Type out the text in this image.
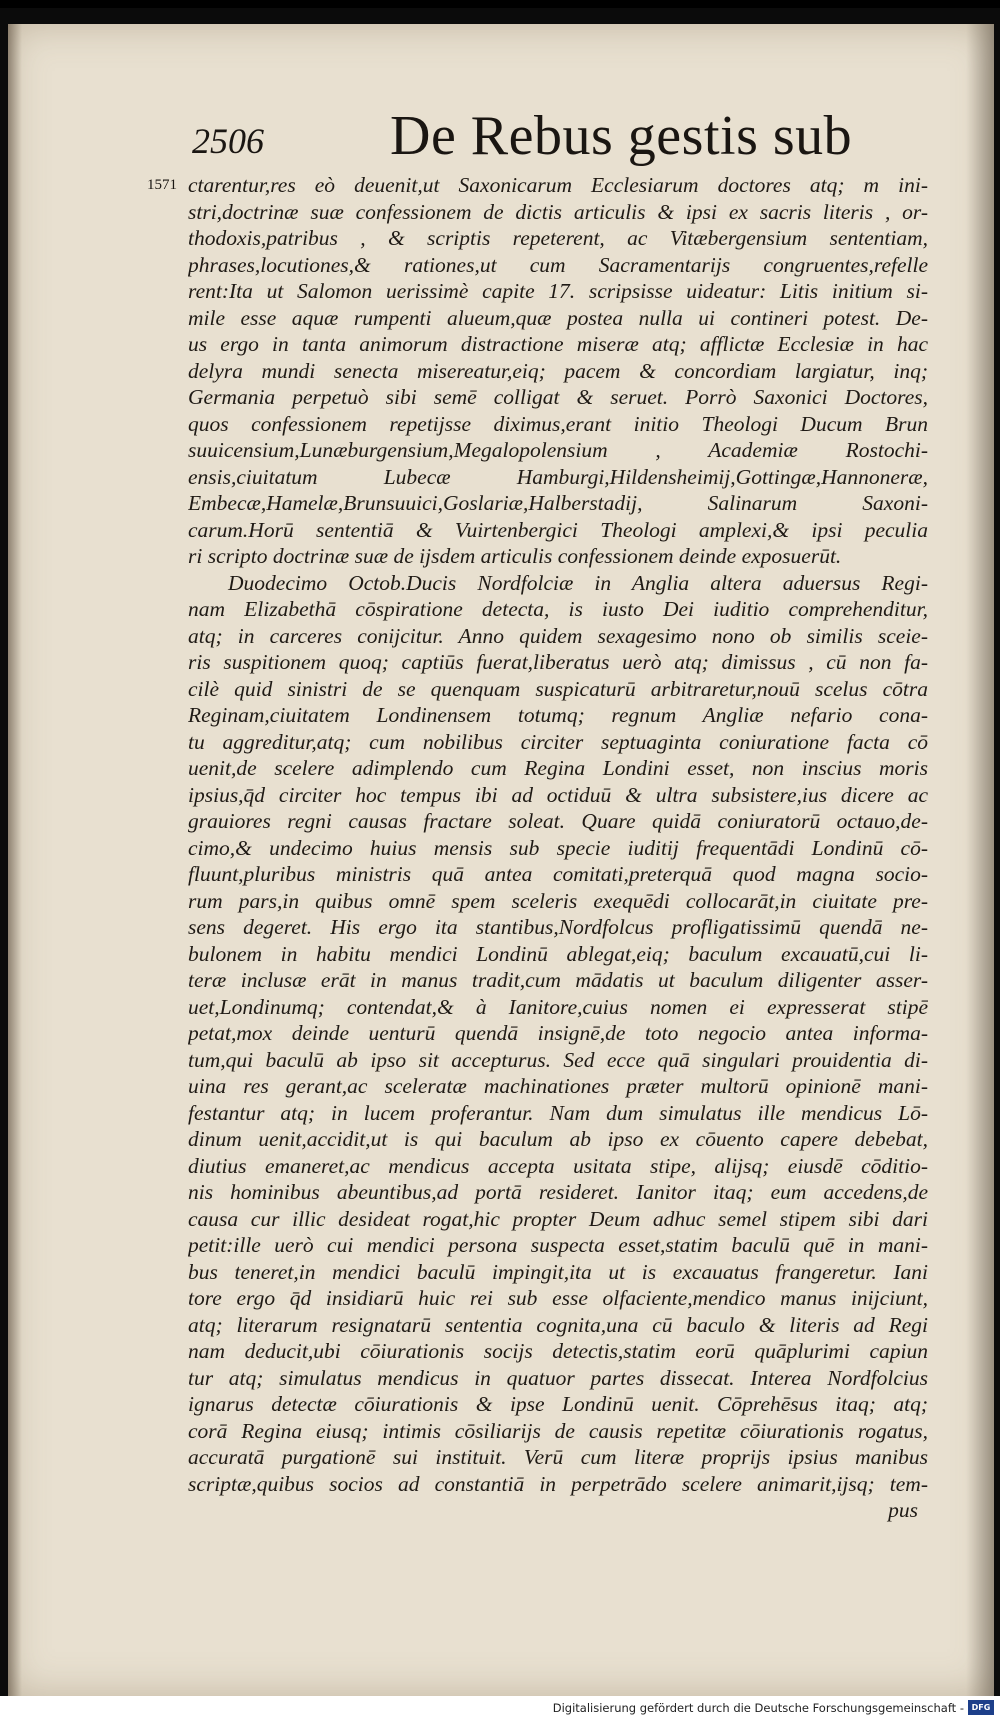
2506 De Rebus gestis sub
1571 ctarentur,res eò deuenit,ut Saxonicarum Ecclesiarum doctores atq; m ini-
stri,doctrinæ suæ confessionem de dictis articulis & ipsi ex sacris literis , or-
thodoxis,patribus , & scriptis repeterent, ac Vitæbergensium sententiam,
phrases,locutiones,& rationes,ut cum Sacramentarijs congruentes,refelle
rent:Ita ut Salomon uerissimè capite 17. scripsisse uideatur: Litis initium si-
mile esse aquæ rumpenti alueum,quæ postea nulla ui contineri potest. De-
us ergo in tanta animorum distractione miseræ atq; afflictæ Ecclesiæ in hac
delyra mundi senecta misereatur,eiq; pacem & concordiam largiatur, inq;
Germania perpetuò sibi semē colligat & seruet. Porrò Saxonici Doctores,
quos confessionem repetijsse diximus,erant initio Theologi Ducum Brun
suuicensium,Lunæburgensium,Megalopolensium , Academiæ Rostochi-
ensis,ciuitatum Lubecæ Hamburgi,Hildensheimij,Gottingæ,Hannoneræ,
Embecæ,Hamelæ,Brunsuuici,Goslariæ,Halberstadij, Salinarum Saxoni-
carum.Horū sententiā & Vuirtenbergici Theologi amplexi,& ipsi peculia
ri scripto doctrinæ suæ de ijsdem articulis confessionem deinde exposuerūt.
Duodecimo Octob.Ducis Nordfolciæ in Anglia altera aduersus Regi-
nam Elizabethā cōspiratione detecta, is iusto Dei iuditio comprehenditur,
atq; in carceres conijcitur. Anno quidem sexagesimo nono ob similis sceie-
ris suspitionem quoq; captiūs fuerat,liberatus uerò atq; dimissus , cū non fa-
cilè quid sinistri de se quenquam suspicaturū arbitraretur,nouū scelus cōtra
Reginam,ciuitatem Londinensem totumq; regnum Angliæ nefario cona-
tu aggreditur,atq; cum nobilibus circiter septuaginta coniuratione facta cō
uenit,de scelere adimplendo cum Regina Londini esset, non inscius moris
ipsius,q̄d circiter hoc tempus ibi ad octiduū & ultra subsistere,ius dicere ac
grauiores regni causas fractare soleat. Quare quidā coniuratorū octauo,de-
cimo,& undecimo huius mensis sub specie iuditij frequentādi Londinū cō-
fluunt,pluribus ministris quā antea comitati,preterquā quod magna socio-
rum pars,in quibus omnē spem sceleris exequēdi collocarāt,in ciuitate pre-
sens degeret. His ergo ita stantibus,Nordfolcus profligatissimū quendā ne-
bulonem in habitu mendici Londinū ablegat,eiq; baculum excauatū,cui li-
teræ inclusæ erāt in manus tradit,cum mādatis ut baculum diligenter asser-
uet,Londinumq; contendat,& à Ianitore,cuius nomen ei expresserat stipē
petat,mox deinde uenturū quendā insignē,de toto negocio antea informa-
tum,qui baculū ab ipso sit accepturus. Sed ecce quā singulari prouidentia di-
uina res gerant,ac sceleratæ machinationes præter multorū opinionē mani-
festantur atq; in lucem proferantur. Nam dum simulatus ille mendicus Lō-
dinum uenit,accidit,ut is qui baculum ab ipso ex cōuento capere debebat,
diutius emaneret,ac mendicus accepta usitata stipe, alijsq; eiusdē cōditio-
nis hominibus abeuntibus,ad portā resideret. Ianitor itaq; eum accedens,de
causa cur illic desideat rogat,hic propter Deum adhuc semel stipem sibi dari
petit:ille uerò cui mendici persona suspecta esset,statim baculū quē in mani-
bus teneret,in mendici baculū impingit,ita ut is excauatus frangeretur. Iani
tore ergo q̄d insidiarū huic rei sub esse olfaciente,mendico manus inijciunt,
atq; literarum resignatarū sententia cognita,una cū baculo & literis ad Regi
nam deducit,ubi cōiurationis socijs detectis,statim eorū quāplurimi capiun
tur atq; simulatus mendicus in quatuor partes dissecat. Interea Nordfolcius
ignarus detectæ cōiurationis & ipse Londinū uenit. Cōprehēsus itaq; atq;
corā Regina eiusq; intimis cōsiliarijs de causis repetitæ cōiurationis rogatus,
accuratā purgationē sui instituit. Verū cum literæ proprijs ipsius manibus
scriptæ,quibus socios ad constantiā in perpetrādo scelere animarit,ijsq; tem-
pus
Digitalisierung gefördert durch die Deutsche Forschungsgemeinschaft - DFG
